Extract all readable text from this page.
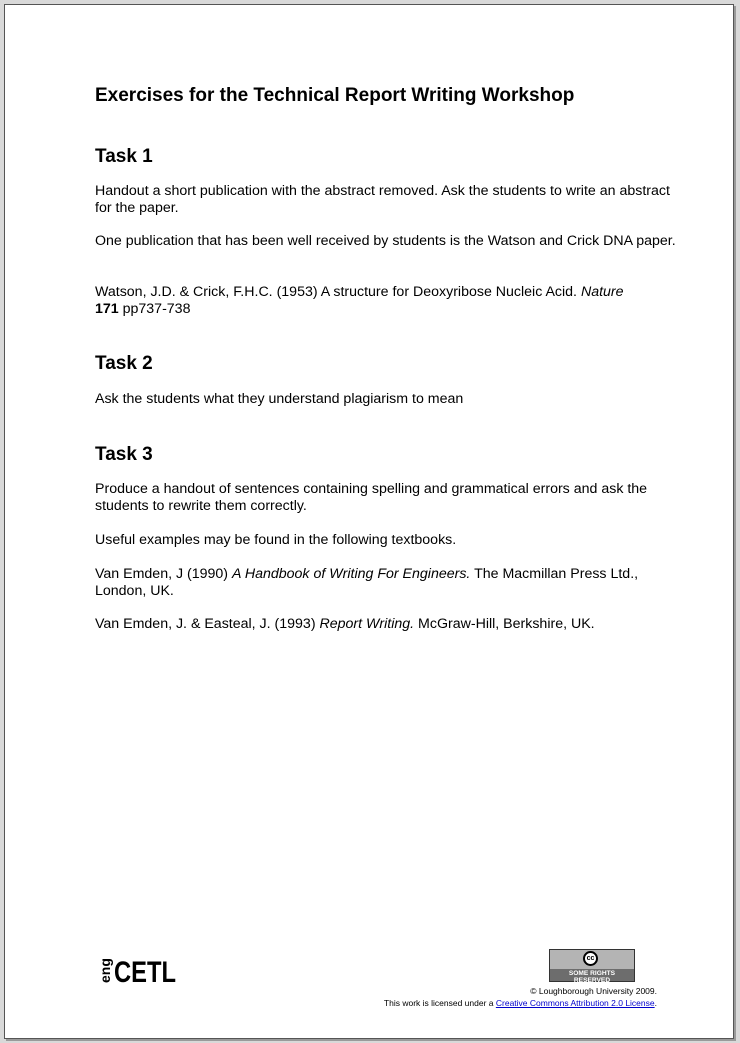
Exercises for the Technical Report Writing Workshop
Task 1

Handout a short publication with the abstract removed. Ask the students to write an abstract for the paper.

One publication that has been well received by students is the Watson and Crick DNA paper.

Watson, J.D. & Crick, F.H.C. (1953) A structure for Deoxyribose Nucleic Acid. Nature
171 pp737-738

Task 2

Ask the students what they understand plagiarism to mean

Task 3

Produce a handout of sentences containing spelling and grammatical errors and ask the students to rewrite them correctly.

Useful examples may be found in the following textbooks.

Van Emden, J (1990) A Handbook of Writing For Engineers. The Macmillan Press Ltd., London, UK.

Van Emden, J. & Easteal, J. (1993) Report Writing. McGraw-Hill, Berkshire, UK.

eng CETL	cc
SOME RIGHTS RESERVED
© Loughborough University 2009.
This work is licensed under a Creative Commons Attribution 2.0 License.
